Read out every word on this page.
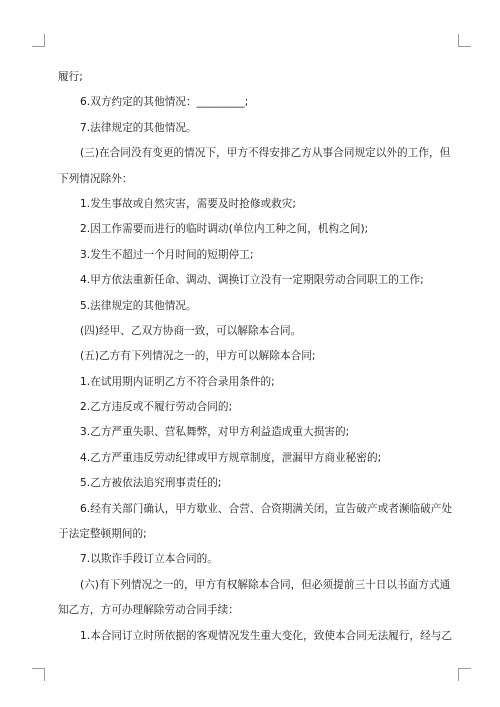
履行;
6.双方约定的其他情况：_________;
7.法律规定的其他情况。
(三)在合同没有变更的情况下，甲方不得安排乙方从事合同规定以外的工作，但
下列情况除外：
1.发生事故或自然灾害，需要及时抢修或救灾;
2.因工作需要而进行的临时调动(单位内工种之间，机构之间);
3.发生不超过一个月时间的短期停工;
4.甲方依法重新任命、调动、调换订立没有一定期限劳动合同职工的工作;
5.法律规定的其他情况。
(四)经甲、乙双方协商一致，可以解除本合同。
(五)乙方有下列情况之一的，甲方可以解除本合同;
1.在试用期内证明乙方不符合录用条件的;
2.乙方违反或不履行劳动合同的;
3.乙方严重失职、营私舞弊，对甲方利益造成重大损害的;
4.乙方严重违反劳动纪律或甲方规章制度，泄漏甲方商业秘密的;
5.乙方被依法追究刑事责任的;
6.经有关部门确认，甲方歇业、合营、合资期满关闭，宣告破产或者濒临破产处
于法定整顿期间的;
7.以欺诈手段订立本合同的。
(六)有下列情况之一的，甲方有权解除本合同，但必须提前三十日以书面方式通
知乙方，方可办理解除劳动合同手续：
1.本合同订立时所依据的客观情况发生重大变化，致使本合同无法履行，经与乙
